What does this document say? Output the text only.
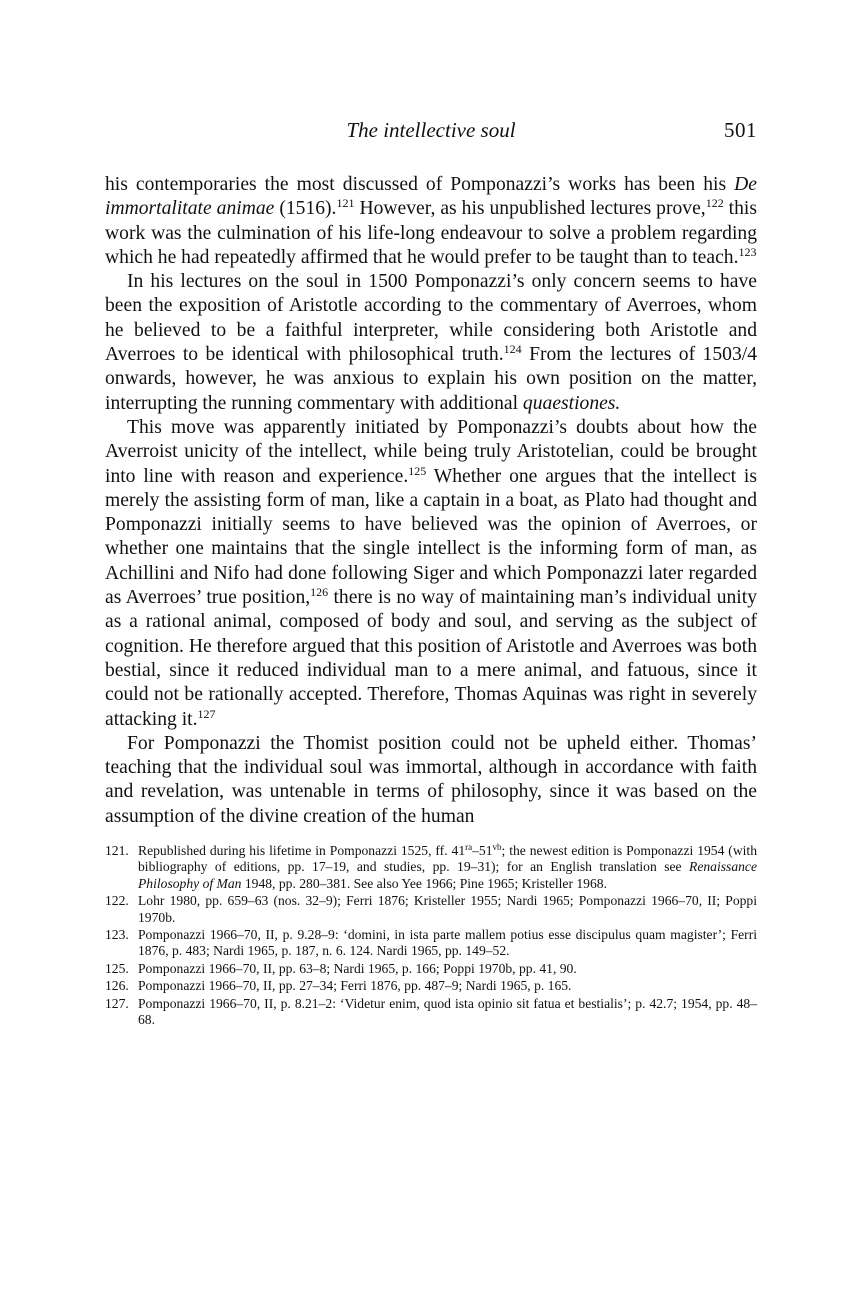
The intellective soul	501

his contemporaries the most discussed of Pomponazzi’s works has been his De immortalitate animae (1516).$^{121}$ However, as his unpublished lectures prove,$^{122}$ this work was the culmination of his life-long endeavour to solve a problem regarding which he had repeatedly affirmed that he would prefer to be taught than to teach.$^{123}$

In his lectures on the soul in 1500 Pomponazzi’s only concern seems to have been the exposition of Aristotle according to the commentary of Averroes, whom he believed to be a faithful interpreter, while considering both Aristotle and Averroes to be identical with philosophical truth.$^{124}$ From the lectures of 1503/4 onwards, however, he was anxious to explain his own position on the matter, interrupting the running commentary with additional quaestiones.

This move was apparently initiated by Pomponazzi’s doubts about how the Averroist unicity of the intellect, while being truly Aristotelian, could be brought into line with reason and experience.$^{125}$ Whether one argues that the intellect is merely the assisting form of man, like a captain in a boat, as Plato had thought and Pomponazzi initially seems to have believed was the opinion of Averroes, or whether one maintains that the single intellect is the informing form of man, as Achillini and Nifo had done following Siger and which Pomponazzi later regarded as Averroes’ true position,$^{126}$ there is no way of maintaining man’s individual unity as a rational animal, composed of body and soul, and serving as the subject of cognition. He therefore argued that this position of Aristotle and Averroes was both bestial, since it reduced individual man to a mere animal, and fatuous, since it could not be rationally accepted. Therefore, Thomas Aquinas was right in severely attacking it.$^{127}$

For Pomponazzi the Thomist position could not be upheld either. Thomas’ teaching that the individual soul was immortal, although in accordance with faith and revelation, was untenable in terms of philosophy, since it was based on the assumption of the divine creation of the human

121. Republished during his lifetime in Pomponazzi 1525, ff. $41^{ra}-51^{vb}$; the newest edition is Pomponazzi 1954 (with bibliography of editions, pp. 17–19, and studies, pp. 19–31); for an English translation see Renaissance Philosophy of Man 1948, pp. 280–381. See also Yee 1966; Pine 1965; Kristeller 1968.
122. Lohr 1980, pp. 659–63 (nos. 32–9); Ferri 1876; Kristeller 1955; Nardi 1965; Pomponazzi 1966–70, II; Poppi 1970b.
123. Pomponazzi 1966–70, II, p. 9.28–9: ‘domini, in ista parte mallem potius esse discipulus quam magister’; Ferri 1876, p. 483; Nardi 1965, p. 187, n. 6. 124. Nardi 1965, pp. 149–52.
125. Pomponazzi 1966–70, II, pp. 63–8; Nardi 1965, p. 166; Poppi 1970b, pp. 41, 90.
126. Pomponazzi 1966–70, II, pp. 27–34; Ferri 1876, pp. 487–9; Nardi 1965, p. 165.
127. Pomponazzi 1966–70, II, p. 8.21–2: ‘Videtur enim, quod ista opinio sit fatua et bestialis’; p. 42.7; 1954, pp. 48–68.
